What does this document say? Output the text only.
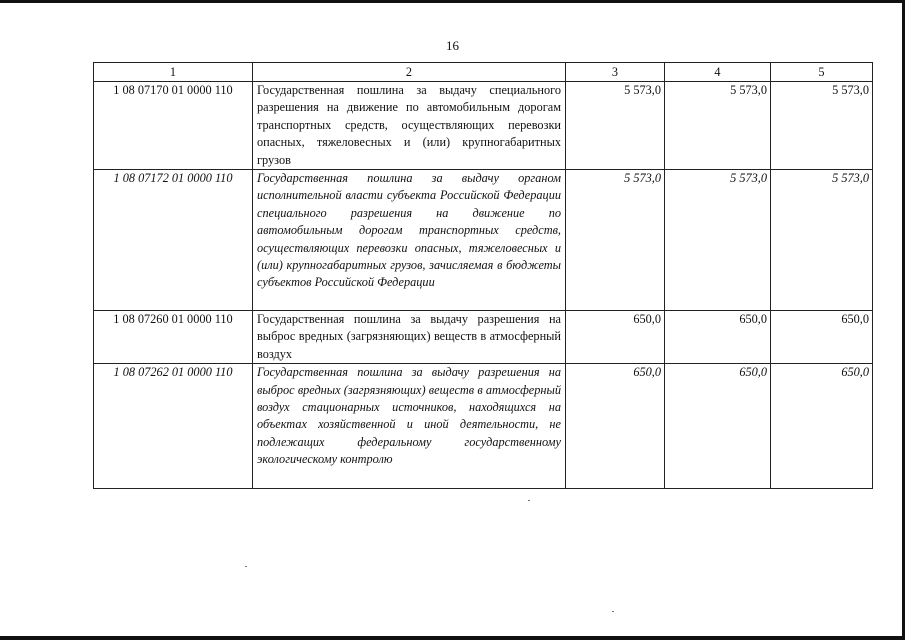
16
1	2	3	4	5
1 08 07170 01 0000 110	Государственная пошлина за выдачу специального разрешения на движение по автомобильным дорогам транспортных средств, осуществляющих перевозки опасных, тяжеловесных и (или) крупногабаритных грузов	5 573,0	5 573,0	5 573,0
1 08 07172 01 0000 110	Государственная пошлина за выдачу органом исполнительной власти субъекта Российской Федерации специального разрешения на движение по автомобильным дорогам транспортных средств, осуществляющих перевозки опасных, тяжеловесных и (или) крупногабаритных грузов, зачисляемая в бюджеты субъектов Российской Федерации	5 573,0	5 573,0	5 573,0
1 08 07260 01 0000 110	Государственная пошлина за выдачу разрешения на выброс вредных (загрязняющих) веществ в атмосферный воздух	650,0	650,0	650,0
1 08 07262 01 0000 110	Государственная пошлина за выдачу разрешения на выброс вредных (загрязняющих) веществ в атмосферный воздух стационарных источников, находящихся на объектах хозяйственной и иной деятельности, не подлежащих федеральному государственному экологическому контролю	650,0	650,0	650,0
